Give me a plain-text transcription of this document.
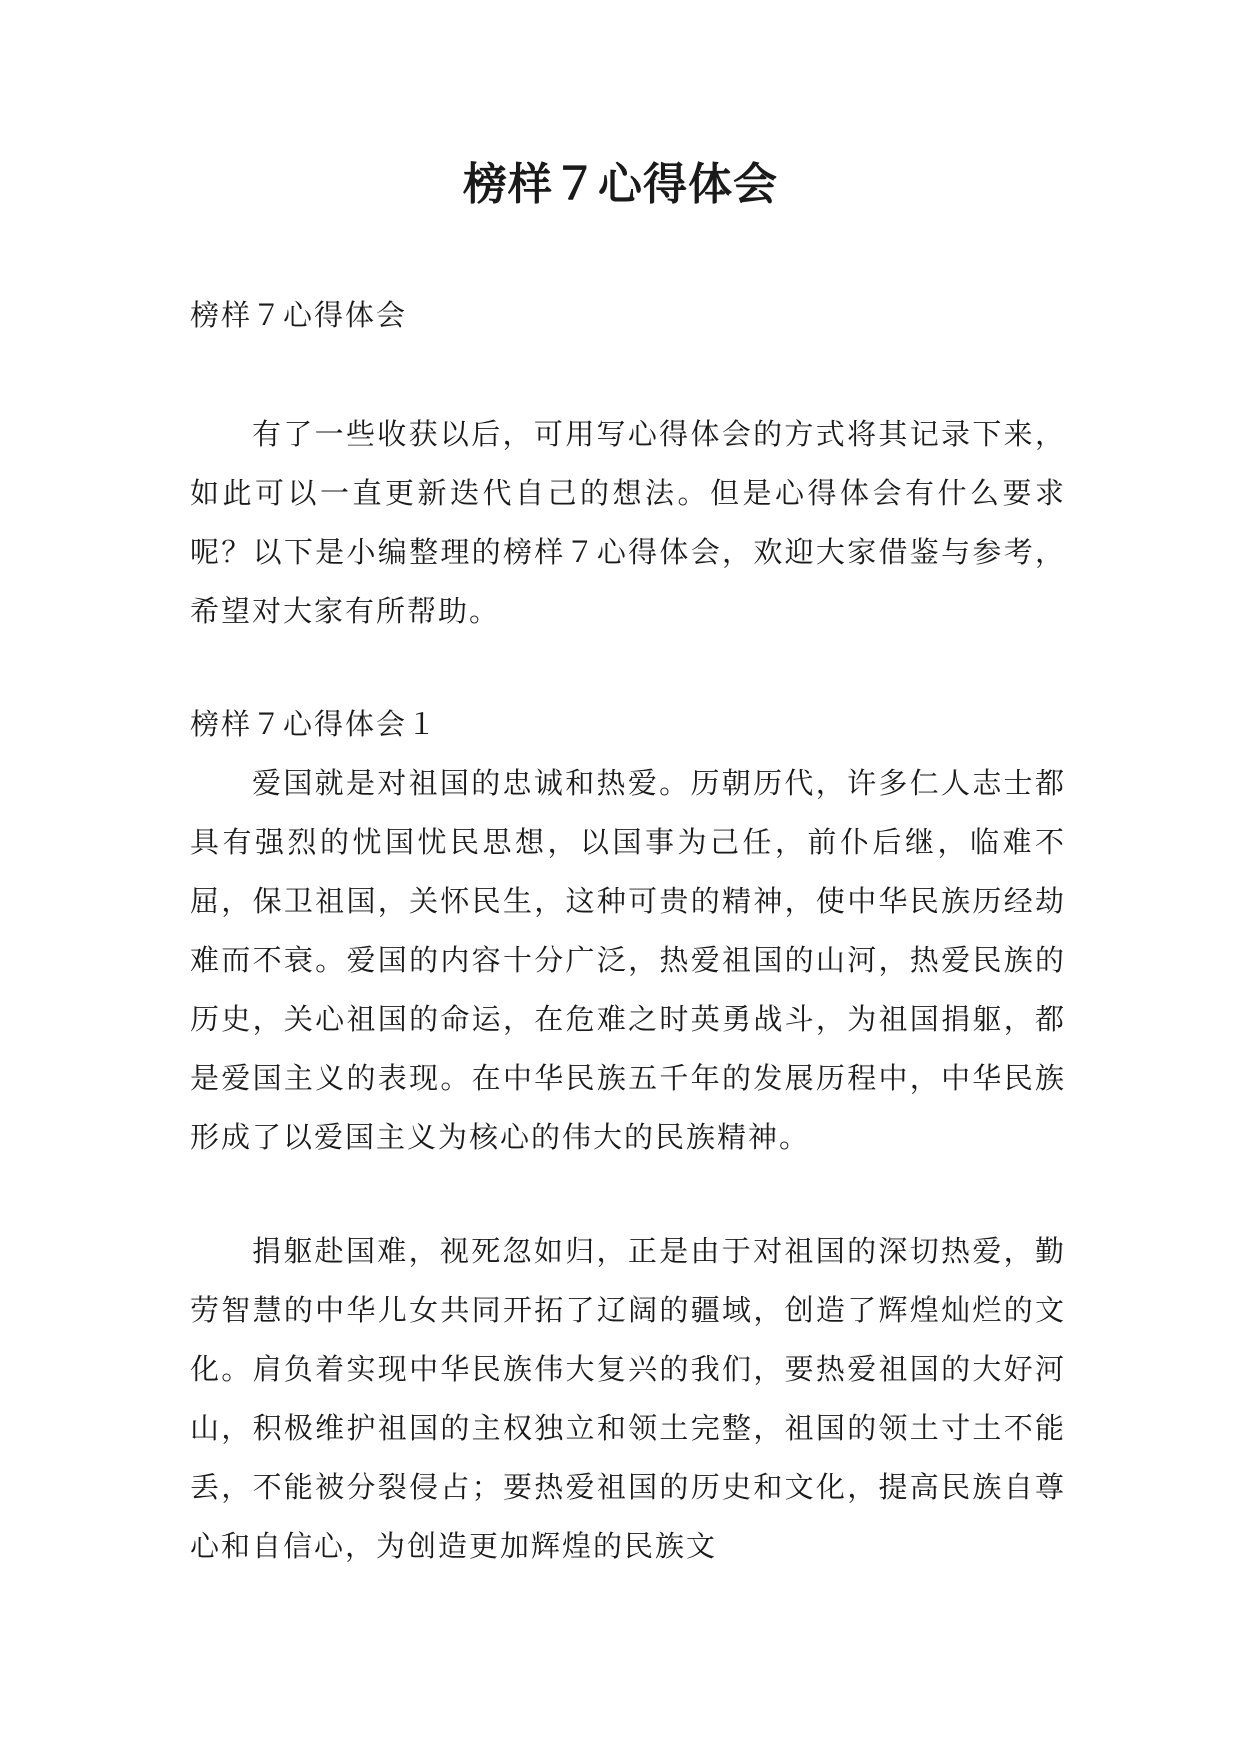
榜样７心得体会

榜样７心得体会

有了一些收获以后，可用写心得体会的方式将其记录下来，如此可以一直更新迭代自己的想法。但是心得体会有什么要求呢？以下是小编整理的榜样７心得体会，欢迎大家借鉴与参考，希望对大家有所帮助。

榜样７心得体会１

爱国就是对祖国的忠诚和热爱。历朝历代，许多仁人志士都具有强烈的忧国忧民思想，以国事为己任，前仆后继，临难不屈，保卫祖国，关怀民生，这种可贵的精神，使中华民族历经劫难而不衰。爱国的内容十分广泛，热爱祖国的山河，热爱民族的历史，关心祖国的命运，在危难之时英勇战斗，为祖国捐躯，都是爱国主义的表现。在中华民族五千年的发展历程中，中华民族形成了以爱国主义为核心的伟大的民族精神。

捐躯赴国难，视死忽如归，正是由于对祖国的深切热爱，勤劳智慧的中华儿女共同开拓了辽阔的疆域，创造了辉煌灿烂的文化。肩负着实现中华民族伟大复兴的我们，要热爱祖国的大好河山，积极维护祖国的主权独立和领土完整，祖国的领土寸土不能丢，不能被分裂侵占；要热爱祖国的历史和文化，提高民族自尊心和自信心，为创造更加辉煌的民族文
